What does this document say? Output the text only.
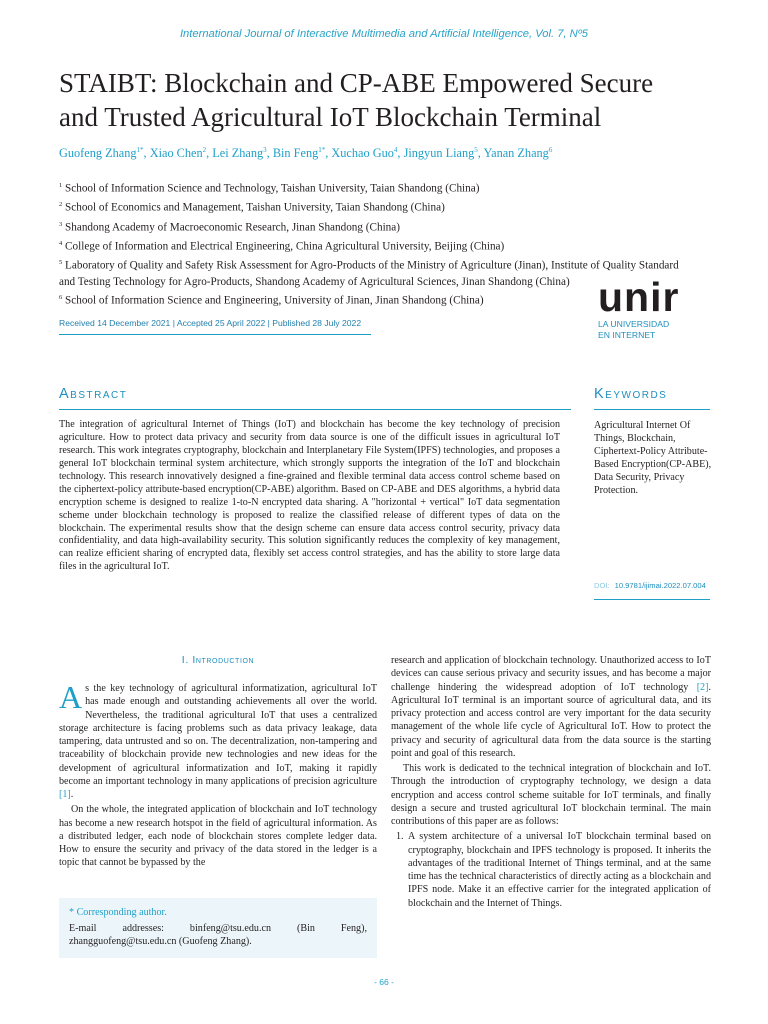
International Journal of Interactive Multimedia and Artificial Intelligence, Vol. 7, Nº5
STAIBT: Blockchain and CP-ABE Empowered Secure
and Trusted Agricultural IoT Blockchain Terminal
Guofeng Zhang$^{1*}$, Xiao Chen$^2$, Lei Zhang$^3$, Bin Feng$^{1*}$, Xuchao Guo$^4$, Jingyun Liang$^5$, Yanan Zhang$^6$

$^1$ School of Information Science and Technology, Taishan University, Taian Shandong (China)

$^2$ School of Economics and Management, Taishan University, Taian Shandong (China)

$^3$ Shandong Academy of Macroeconomic Research, Jinan Shandong (China)

$^4$ College of Information and Electrical Engineering, China Agricultural University, Beijing (China)

$^5$ Laboratory of Quality and Safety Risk Assessment for Agro-Products of the Ministry of Agriculture (Jinan), Institute of Quality Standard and Testing Technology for Agro-Products, Shandong Academy of Agricultural Sciences, Jinan Shandong (China)

$^6$ School of Information Science and Engineering, University of Jinan, Jinan Shandong (China)	unir
LA UNIVERSIDAD
EN INTERNET
Received 14 December 2021 | Accepted 25 April 2022 | Published 28 July 2022
Abstract	Keywords
The integration of agricultural Internet of Things (IoT) and blockchain has become the key technology of precision agriculture. How to protect data privacy and security from data source is one of the difficult issues in agricultural IoT research. This work integrates cryptography, blockchain and Interplanetary File System(IPFS) technologies, and proposes a general IoT blockchain terminal system architecture, which strongly supports the integration of the IoT and blockchain technology. This research innovatively designed a fine-grained and flexible terminal data access control scheme based on the ciphertext-policy attribute-based encryption(CP-ABE) algorithm. Based on CP-ABE and DES algorithms, a hybrid data encryption scheme is designed to realize 1-to-N encrypted data sharing. A "horizontal + vertical" IoT data segmentation scheme under blockchain technology is proposed to realize the classified release of different types of data on the blockchain. The experimental results show that the design scheme can ensure data access control security, privacy data confidentiality, and data high-availability security. This solution significantly reduces the complexity of key management, can realize efficient sharing of encrypted data, flexibly set access control strategies, and has the ability to store large data files in the agricultural IoT.
Agricultural Internet Of Things, Blockchain, Ciphertext-Policy Attribute-Based Encryption(CP-ABE), Data Security, Privacy Protection.
DOI: 10.9781/ijimai.2022.07.004
I. Introduction

As the key technology of agricultural informatization, agricultural IoT has made enough and outstanding achievements all over the world. Nevertheless, the traditional agricultural IoT that uses a centralized storage architecture is facing problems such as data privacy leakage, data tampering, data untrusted and so on. The decentralization, non-tampering and traceability of blockchain provide new technologies and new ideas for the development of agricultural informatization and IoT, making it rapidly become an important technology in many applications of precision agriculture [1].

On the whole, the integrated application of blockchain and IoT technology has become a new research hotspot in the field of agricultural information. As a distributed ledger, each node of blockchain stores complete ledger data. How to ensure the security and privacy of the data stored in the ledger is a topic that cannot be bypassed by the

research and application of blockchain technology. Unauthorized access to IoT devices can cause serious privacy and security issues, and has become a major challenge hindering the widespread adoption of IoT technology [2]. Agricultural IoT terminal is an important source of agricultural data, and its privacy protection and access control are very important for the data security management of the whole life cycle of Agricultural IoT. How to protect the privacy and security of agricultural data from the data source is the starting point and goal of this research.

This work is dedicated to the technical integration of blockchain and IoT. Through the introduction of cryptography technology, we design a data encryption and access control scheme suitable for IoT terminals, and finally design a secure and trusted agricultural IoT blockchain terminal. The main contributions of this paper are as follows:

1. A system architecture of a universal IoT blockchain terminal based on cryptography, blockchain and IPFS technology is proposed. It inherits the advantages of the traditional Internet of Things terminal, and at the same time has the technical characteristics of directly acting as a blockchain and IPFS node. Make it an effective carrier for the integrated application of blockchain and the Internet of Things.
* Corresponding author.
E-mail addresses: binfeng@tsu.edu.cn (Bin Feng), zhangguofeng@tsu.edu.cn (Guofeng Zhang).
- 66 -
